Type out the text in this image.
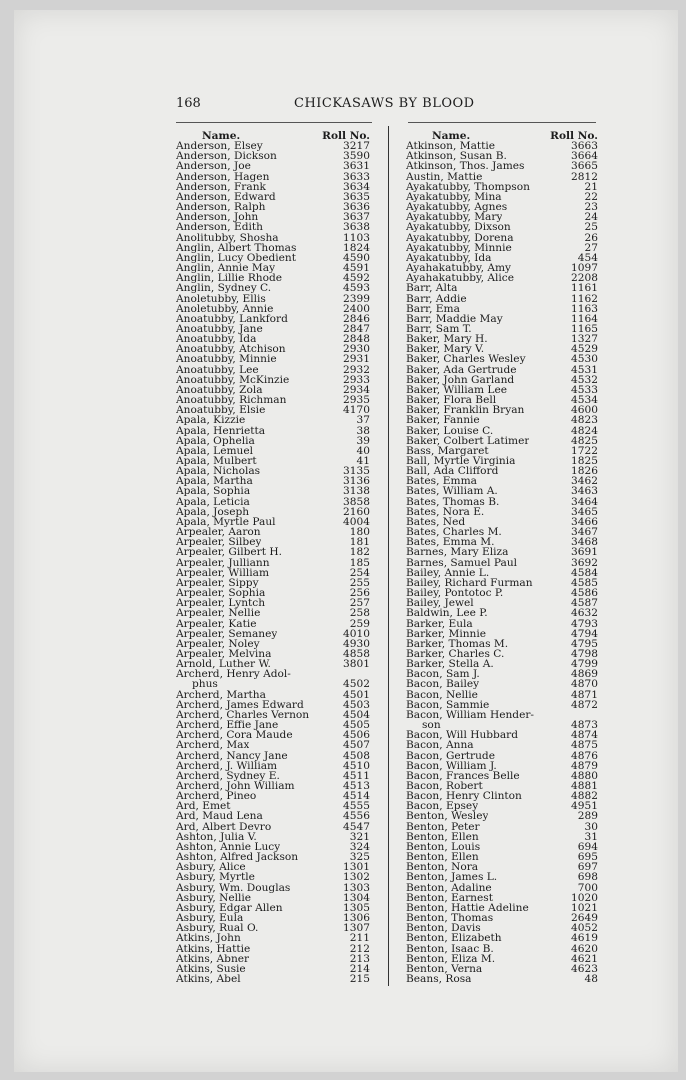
168	CHICKASAWS BY BLOOD
Name.	Roll No.
Anderson, Elsey	3217
Anderson, Dickson	3590
Anderson, Joe	3631
Anderson, Hagen	3633
Anderson, Frank	3634
Anderson, Edward	3635
Anderson, Ralph	3636
Anderson, John	3637
Anderson, Edith	3638
Anolitubby, Shosha	1103
Anglin, Albert Thomas	1824
Anglin, Lucy Obedient	4590
Anglin, Annie May	4591
Anglin, Lillie Rhode	4592
Anglin, Sydney C.	4593
Anoletubby, Ellis	2399
Anoletubby, Annie	2400
Anoatubby, Lankford	2846
Anoatubby, Jane	2847
Anoatubby, Ida	2848
Anoatubby, Atchison	2930
Anoatubby, Minnie	2931
Anoatubby, Lee	2932
Anoatubby, McKinzie	2933
Anoatubby, Zola	2934
Anoatubby, Richman	2935
Anoatubby, Elsie	4170
Apala, Kizzie	37
Apala, Henrietta	38
Apala, Ophelia	39
Apala, Lemuel	40
Apala, Mulbert	41
Apala, Nicholas	3135
Apala, Martha	3136
Apala, Sophia	3138
Apala, Leticia	3858
Apala, Joseph	2160
Apala, Myrtle Paul	4004
Arpealer, Aaron	180
Arpealer, Silbey	181
Arpealer, Gilbert H.	182
Arpealer, Julliann	185
Arpealer, William	254
Arpealer, Sippy	255
Arpealer, Sophia	256
Arpealer, Lyntch	257
Arpealer, Nellie	258
Arpealer, Katie	259
Arpealer, Semaney	4010
Arpealer, Noley	4930
Arpealer, Melvina	4858
Arnold, Luther W.	3801
Archerd, Henry Adol-
phus	4502
Archerd, Martha	4501
Archerd, James Edward	4503
Archerd, Charles Vernon	4504
Archerd, Effie Jane	4505
Archerd, Cora Maude	4506
Archerd, Max	4507
Archerd, Nancy Jane	4508
Archerd, J. William	4510
Archerd, Sydney E.	4511
Archerd, John William	4513
Archerd, Pineo	4514
Ard, Emet	4555
Ard, Maud Lena	4556
Ard, Albert Devro	4547
Ashton, Julia V.	321
Ashton, Annie Lucy	324
Ashton, Alfred Jackson	325
Asbury, Alice	1301
Asbury, Myrtle	1302
Asbury, Wm. Douglas	1303
Asbury, Nellie	1304
Asbury, Edgar Allen	1305
Asbury, Eula	1306
Asbury, Rual O.	1307
Atkins, John	211
Atkins, Hattie	212
Atkins, Abner	213
Atkins, Susie	214
Atkins, Abel	215
Name.	Roll No.
Atkinson, Mattie	3663
Atkinson, Susan B.	3664
Atkinson, Thos. James	3665
Austin, Mattie	2812
Ayakatubby, Thompson	21
Ayakatubby, Mina	22
Ayakatubby, Agnes	23
Ayakatubby, Mary	24
Ayakatubby, Dixson	25
Ayakatubby, Dorena	26
Ayakatubby, Minnie	27
Ayakatubby, Ida	454
Ayahakatubby, Amy	1097
Ayahakatubby, Alice	2208
Barr, Alta	1161
Barr, Addie	1162
Barr, Ema	1163
Barr, Maddie May	1164
Barr, Sam T.	1165
Baker, Mary H.	1327
Baker, Mary V.	4529
Baker, Charles Wesley	4530
Baker, Ada Gertrude	4531
Baker, John Garland	4532
Baker, William Lee	4533
Baker, Flora Bell	4534
Baker, Franklin Bryan	4600
Baker, Fannie	4823
Baker, Louise C.	4824
Baker, Colbert Latimer	4825
Bass, Margaret	1722
Ball, Myrtle Virginia	1825
Ball, Ada Clifford	1826
Bates, Emma	3462
Bates, William A.	3463
Bates, Thomas B.	3464
Bates, Nora E.	3465
Bates, Ned	3466
Bates, Charles M.	3467
Bates, Emma M.	3468
Barnes, Mary Eliza	3691
Barnes, Samuel Paul	3692
Bailey, Annie L.	4584
Bailey, Richard Furman	4585
Bailey, Pontotoc P.	4586
Bailey, Jewel	4587
Baldwin, Lee P.	4632
Barker, Eula	4793
Barker, Minnie	4794
Barker, Thomas M.	4795
Barker, Charles C.	4798
Barker, Stella A.	4799
Bacon, Sam J.	4869
Bacon, Bailey	4870
Bacon, Nellie	4871
Bacon, Sammie	4872
Bacon, William Hender-
son	4873
Bacon, Will Hubbard	4874
Bacon, Anna	4875
Bacon, Gertrude	4876
Bacon, William J.	4879
Bacon, Frances Belle	4880
Bacon, Robert	4881
Bacon, Henry Clinton	4882
Bacon, Epsey	4951
Benton, Wesley	289
Benton, Peter	30
Benton, Ellen	31
Benton, Louis	694
Benton, Ellen	695
Benton, Nora	697
Benton, James L.	698
Benton, Adaline	700
Benton, Earnest	1020
Benton, Hattie Adeline	1021
Benton, Thomas	2649
Benton, Davis	4052
Benton, Elizabeth	4619
Benton, Isaac B.	4620
Benton, Eliza M.	4621
Benton, Verna	4623
Beans, Rosa	48
